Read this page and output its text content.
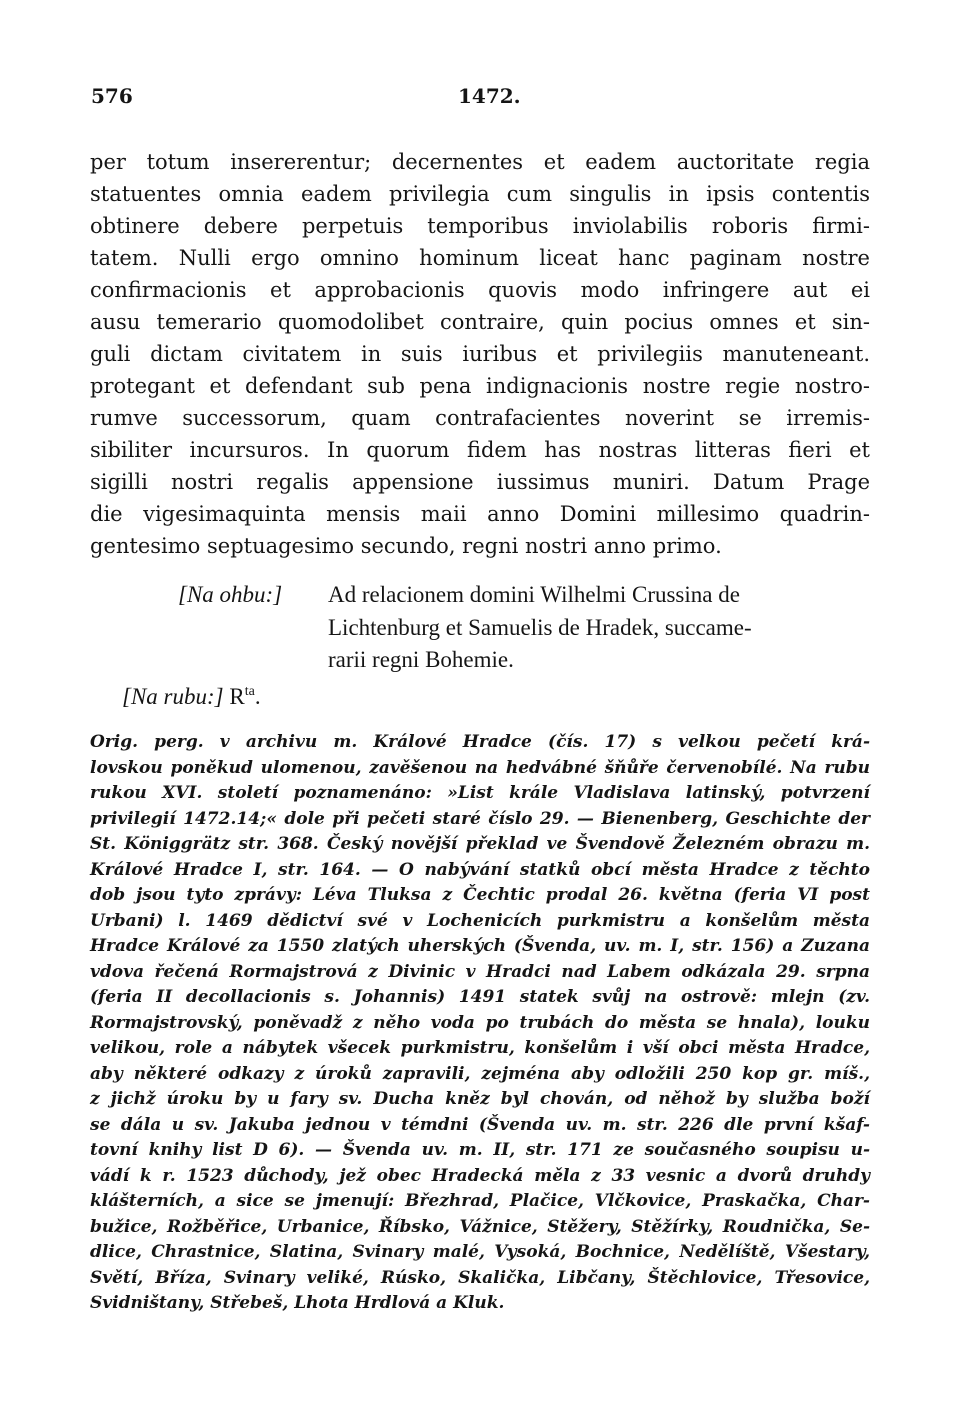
576	1472.
per totum insererentur; decernentes et eadem auctoritate regia
statuentes omnia eadem privilegia cum singulis in ipsis contentis
obtinere debere perpetuis temporibus inviolabilis roboris firmi-
tatem. Nulli ergo omnino hominum liceat hanc paginam nostre
confirmacionis et approbacionis quovis modo infringere aut ei
ausu temerario quomodolibet contraire, quin pocius omnes et sin-
guli dictam civitatem in suis iuribus et privilegiis manuteneant.
protegant et defendant sub pena indignacionis nostre regie nostro-
rumve successorum, quam contrafacientes noverint se irremis-
sibiliter incursuros. In quorum fidem has nostras litteras fieri et
sigilli nostri regalis appensione iussimus muniri. Datum Prage
die vigesimaquinta mensis maii anno Domini millesimo quadrin-
gentesimo septuagesimo secundo, regni nostri anno primo.
[Na ohbu:] Ad relacionem domini Wilhelmi Crussina de
Lichtenburg et Samuelis de Hradek, succame-
rarii regni Bohemie.
[Na rubu:] $R^{ta}$.
Orig. perg. v archivu m. Králové Hradce (čís. 17) s velkou pečetí krá-
lovskou poněkud ulomenou, zavěšenou na hedvábné šňůře červenobílé. Na rubu
rukou XVI. století poznamenáno: »List krále Vladislava latinský, potvrzení
privilegií 1472.14;« dole při pečeti staré číslo 29. — Bienenberg, Geschichte der
St. Königgrätz str. 368. Český novější překlad ve Švendově Železném obrazu m.
Králové Hradce I, str. 164. — O nabývání statků obcí města Hradce z těchto
dob jsou tyto zprávy: Léva Tluksa z Čechtic prodal 26. května (feria VI post
Urbani) l. 1469 dědictví své v Lochenicích purkmistru a konšelům města
Hradce Králové za 1550 zlatých uherských (Švenda, uv. m. I, str. 156) a Zuzana
vdova řečená Rormajstrová z Divinic v Hradci nad Labem odkázala 29. srpna
(feria II decollacionis s. Johannis) 1491 statek svůj na ostrově: mlejn (zv.
Rormajstrovský, poněvadž z něho voda po trubách do města se hnala), louku
velikou, role a nábytek všecek purkmistru, konšelům i vší obci města Hradce,
aby některé odkazy z úroků zapravili, zejména aby odložili 250 kop gr. míš.,
z jichž úroku by u fary sv. Ducha kněz byl chován, od něhož by služba boží
se dála u sv. Jakuba jednou v témdni (Švenda uv. m. str. 226 dle první kšaf-
tovní knihy list D 6). — Švenda uv. m. II, str. 171 ze současného soupisu u-
vádí k r. 1523 důchody, jež obec Hradecká měla z 33 vesnic a dvorů druhdy
klášterních, a sice se jmenují: Březhrad, Plačice, Vlčkovice, Praskačka, Char-
bužice, Rožběřice, Urbanice, Říbsko, Vážnice, Stěžery, Stěžírky, Roudnička, Se-
dlice, Chrastnice, Slatina, Svinary malé, Vysoká, Bochnice, Nedělíště, Všestary,
Světí, Bříza, Svinary veliké, Rúsko, Skalička, Libčany, Štěchlovice, Třesovice,
Svidništany, Střebeš, Lhota Hrdlová a Kluk.
